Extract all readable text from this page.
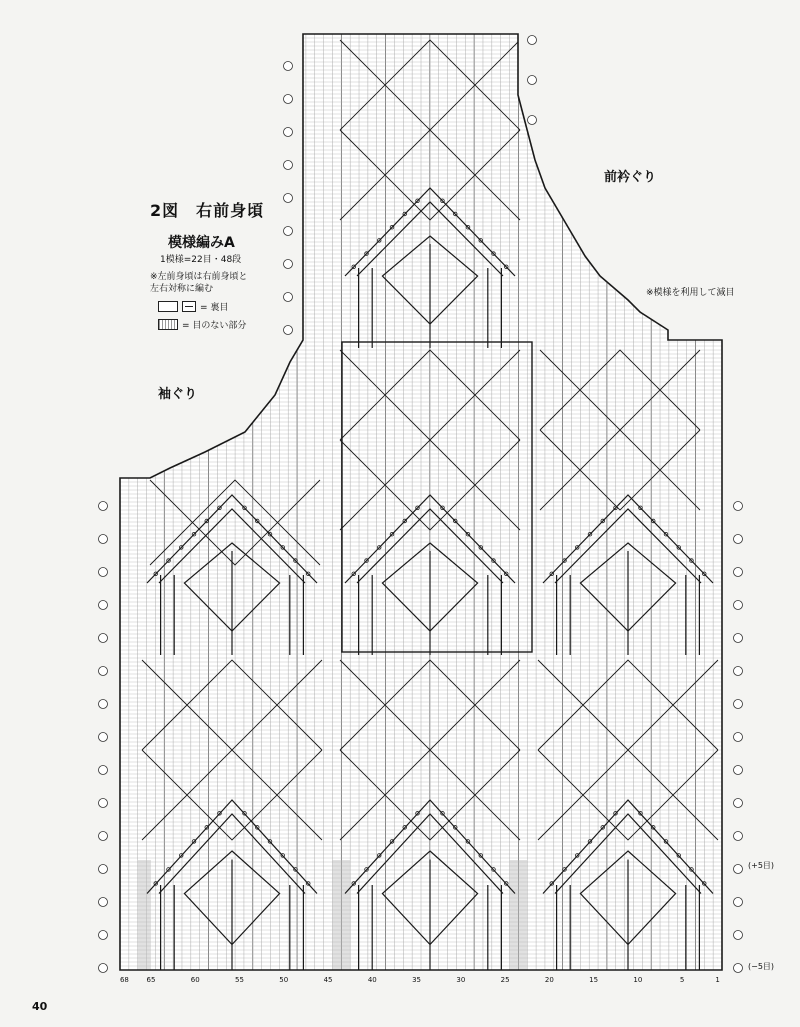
2図　右前身頃
模様編みA
1模様=22目・48段
※左前身頃は右前身頃と
左右対称に編む
= 裏目
= 目のない部分
袖ぐり
前衿ぐり
※模様を利用して減目
(+5目)
(−5目)
40
68	65	60	55	50	45	40	35	30	25	20	15	10	5	1
